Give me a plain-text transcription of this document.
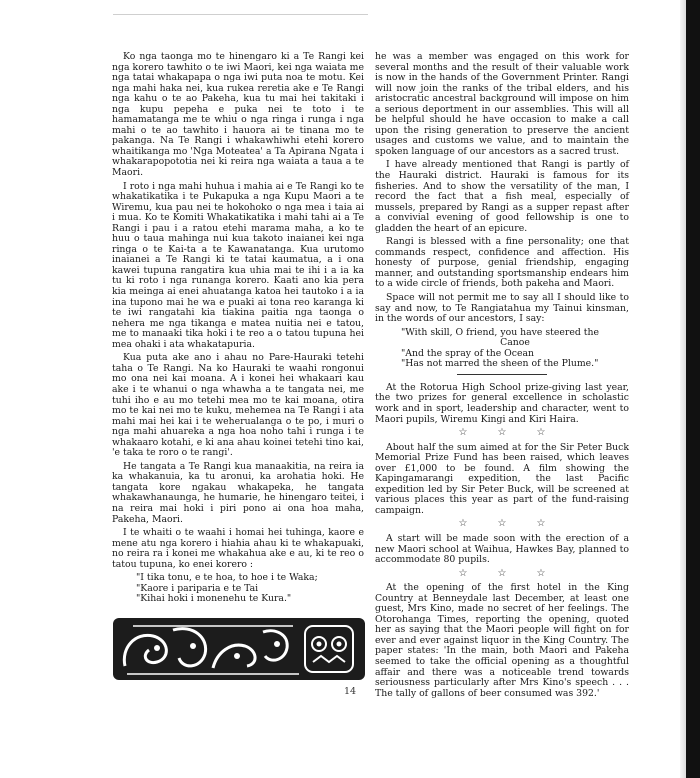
Ko nga taonga mo te hinengaro ki a Te Rangi kei nga korero tawhito o te iwi Maori, kei nga waiata me nga tatai whakapapa o nga iwi puta noa te motu. Kei nga mahi haka nei, kua rukea reretia ake e Te Rangi nga kahu o te ao Pakeha, kua tu mai hei takitaki i nga kupu pepeha e puka nei te toto i te hamamatanga me te whiu o nga ringa i runga i nga mahi o te ao tawhito i hauora ai te tinana mo te pakanga. Na Te Rangi i whakawhiwhi etehi korero whaitikanga mo 'Nga Moteatea' a Ta Apirana Ngata i whakarapopototia nei ki reira nga waiata a taua a te Maori.

I roto i nga mahi huhua i mahia ai e Te Rangi ko te whakatikatika i te Pukapuka a nga Kupu Maori a te Wiremu, kua pau nei te hokohoko o nga mea i taia ai i mua. Ko te Komiti Whakatikatika i mahi tahi ai a Te Rangi i pau i a ratou etehi marama maha, a ko te huu o taua mahinga nui kua takoto inaianei kei nga ringa o te Kai-ta a te Kawanatanga. Kua urutomo inaianei a Te Rangi ki te tatai kaumatua, a i ona kawei tupuna rangatira kua uhia mai te ihi i a ia ka tu ki roto i nga runanga korero. Kaati ano kia pera kia meinga ai enei ahuatanga katoa hei tautoko i a ia ina tupono mai he wa e puaki ai tona reo karanga ki te iwi rangatahi kia tiakina paitia nga taonga o nehera me nga tikanga e matea nuitia nei e tatou, me to manaaki tika hoki i te reo a o tatou tupuna hei mea ohaki i ata whakatapuria.

Kua puta ake ano i ahau no Pare-Hauraki tetehi taha o Te Rangi. Na ko Hauraki te waahi rongonui mo ona nei kai moana. A i konei hei whakaari kau ake i te whanui o nga whawha a te tangata nei, me tuhi iho e au mo tetehi mea mo te kai moana, otira mo te kai nei mo te kuku, mehemea na Te Rangi i ata mahi mai hei kai i te weherualanga o te po, i muri o nga mahi ahuareka a nga hoa noho tahi i runga i te whakaaro kotahi, e ki ana ahau koinei tetehi tino kai, 'e taka te roro o te rangi'.

He tangata a Te Rangi kua manaakitia, na reira ia ka whakanuia, ka tu aronui, ka arohatia hoki. He tangata kore ngakau whakapeka, he tangata whakawhanaunga, he humarie, he hinengaro teitei, i na reira mai hoki i piri pono ai ona hoa maha, Pakeha, Maori.

I te whaiti o te waahi i homai hei tuhinga, kaore e mene atu nga korero i hiahia ahau ki te whakapuaki, no reira ra i konei me whakahua ake e au, ki te reo o tatou tupuna, ko enei korero :

"I tika tonu, e te hoa, to hoe i te Waka;
"Kaore i pariparia e te Tai
"Kihai hoki i monenehu te Kura."

he was a member was engaged on this work for several months and the result of their valuable work is now in the hands of the Government Printer. Rangi will now join the ranks of the tribal elders, and his aristocratic ancestral background will impose on him a serious deportment in our assemblies. This will all be helpful should he have occasion to make a call upon the rising generation to preserve the ancient usages and customs we value, and to maintain the spoken language of our ancestors as a sacred trust.

I have already mentioned that Rangi is partly of the Hauraki district. Hauraki is famous for its fisheries. And to show the versatility of the man, I record the fact that a fish meal, especially of mussels, prepared by Rangi as a supper repast after a convivial evening of good fellowship is one to gladden the heart of an epicure.

Rangi is blessed with a fine personality; one that commands respect, confidence and affection. His honesty of purpose, genial friendship, engaging manner, and outstanding sportsmanship endears him to a wide circle of friends, both pakeha and Maori.

Space will not permit me to say all I should like to say and now, to Te Rangiatahua my Tainui kinsman, in the words of our ancestors, I say:

"With skill, O friend, you have steered the
Canoe
"And the spray of the Ocean
"Has not marred the sheen of the Plume."

At the Rotorua High School prize-giving last year, the two prizes for general excellence in scholastic work and in sport, leadership and character, went to Maori pupils, Wiremu Kingi and Kiri Haira.

☆	☆	☆

About half the sum aimed at for the Sir Peter Buck Memorial Prize Fund has been raised, which leaves over £1,000 to be found. A film showing the Kapingamarangi expedition, the last Pacific expedition led by Sir Peter Buck, will be screened at various places this year as part of the fund-raising campaign.

☆	☆	☆

A start will be made soon with the erection of a new Maori school at Waihua, Hawkes Bay, planned to accommodate 80 pupils.

☆	☆	☆

At the opening of the first hotel in the King Country at Benneydale last December, at least one guest, Mrs Kino, made no secret of her feelings. The Otorohanga Times, reporting the opening, quoted her as saying that the Maori people will fight on for ever and ever against liquor in the King Country. The paper states: 'In the main, both Maori and Pakeha seemed to take the official opening as a thoughtful affair and there was a noticeable trend towards seriousness particularly after Mrs Kino's speech . . . The tally of gallons of beer consumed was 392.'

14
